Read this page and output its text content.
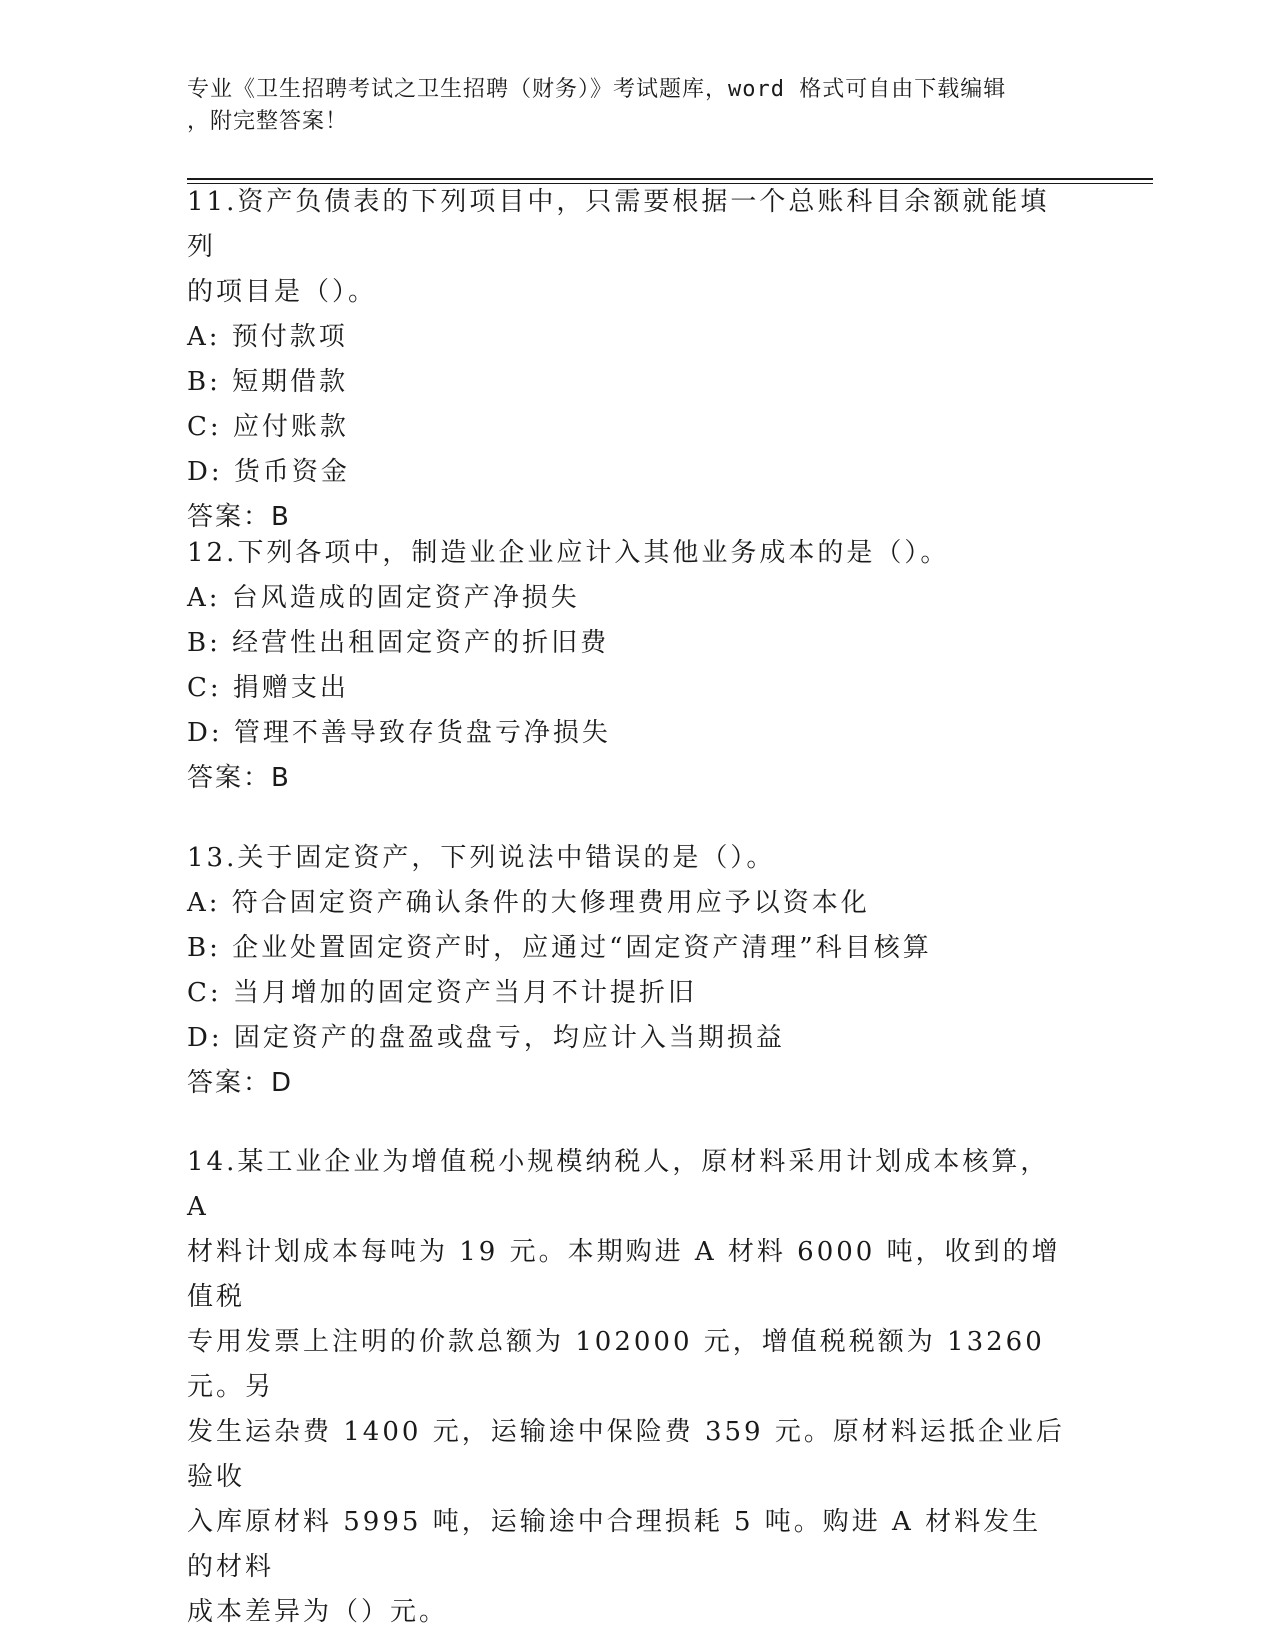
专业《卫生招聘考试之卫生招聘（财务）》考试题库，word 格式可自由下载编辑
，附完整答案！
11.资产负债表的下列项目中，只需要根据一个总账科目余额就能填列
的项目是（）。
A: 预付款项
B: 短期借款
C: 应付账款
D: 货币资金
答案：B
12.下列各项中，制造业企业应计入其他业务成本的是（）。
A: 台风造成的固定资产净损失
B: 经营性出租固定资产的折旧费
C: 捐赠支出
D: 管理不善导致存货盘亏净损失
答案：B
13.关于固定资产，下列说法中错误的是（）。
A: 符合固定资产确认条件的大修理费用应予以资本化
B: 企业处置固定资产时，应通过“固定资产清理”科目核算
C: 当月增加的固定资产当月不计提折旧
D: 固定资产的盘盈或盘亏，均应计入当期损益
答案：D
14.某工业企业为增值税小规模纳税人，原材料采用计划成本核算，A
材料计划成本每吨为 19 元。本期购进 A 材料 6000 吨，收到的增值税
专用发票上注明的价款总额为 102000 元，增值税税额为 13260 元。另
发生运杂费 1400 元，运输途中保险费 359 元。原材料运抵企业后验收
入库原材料 5995 吨，运输途中合理损耗 5 吨。购进 A 材料发生的材料
成本差异为（）元。
